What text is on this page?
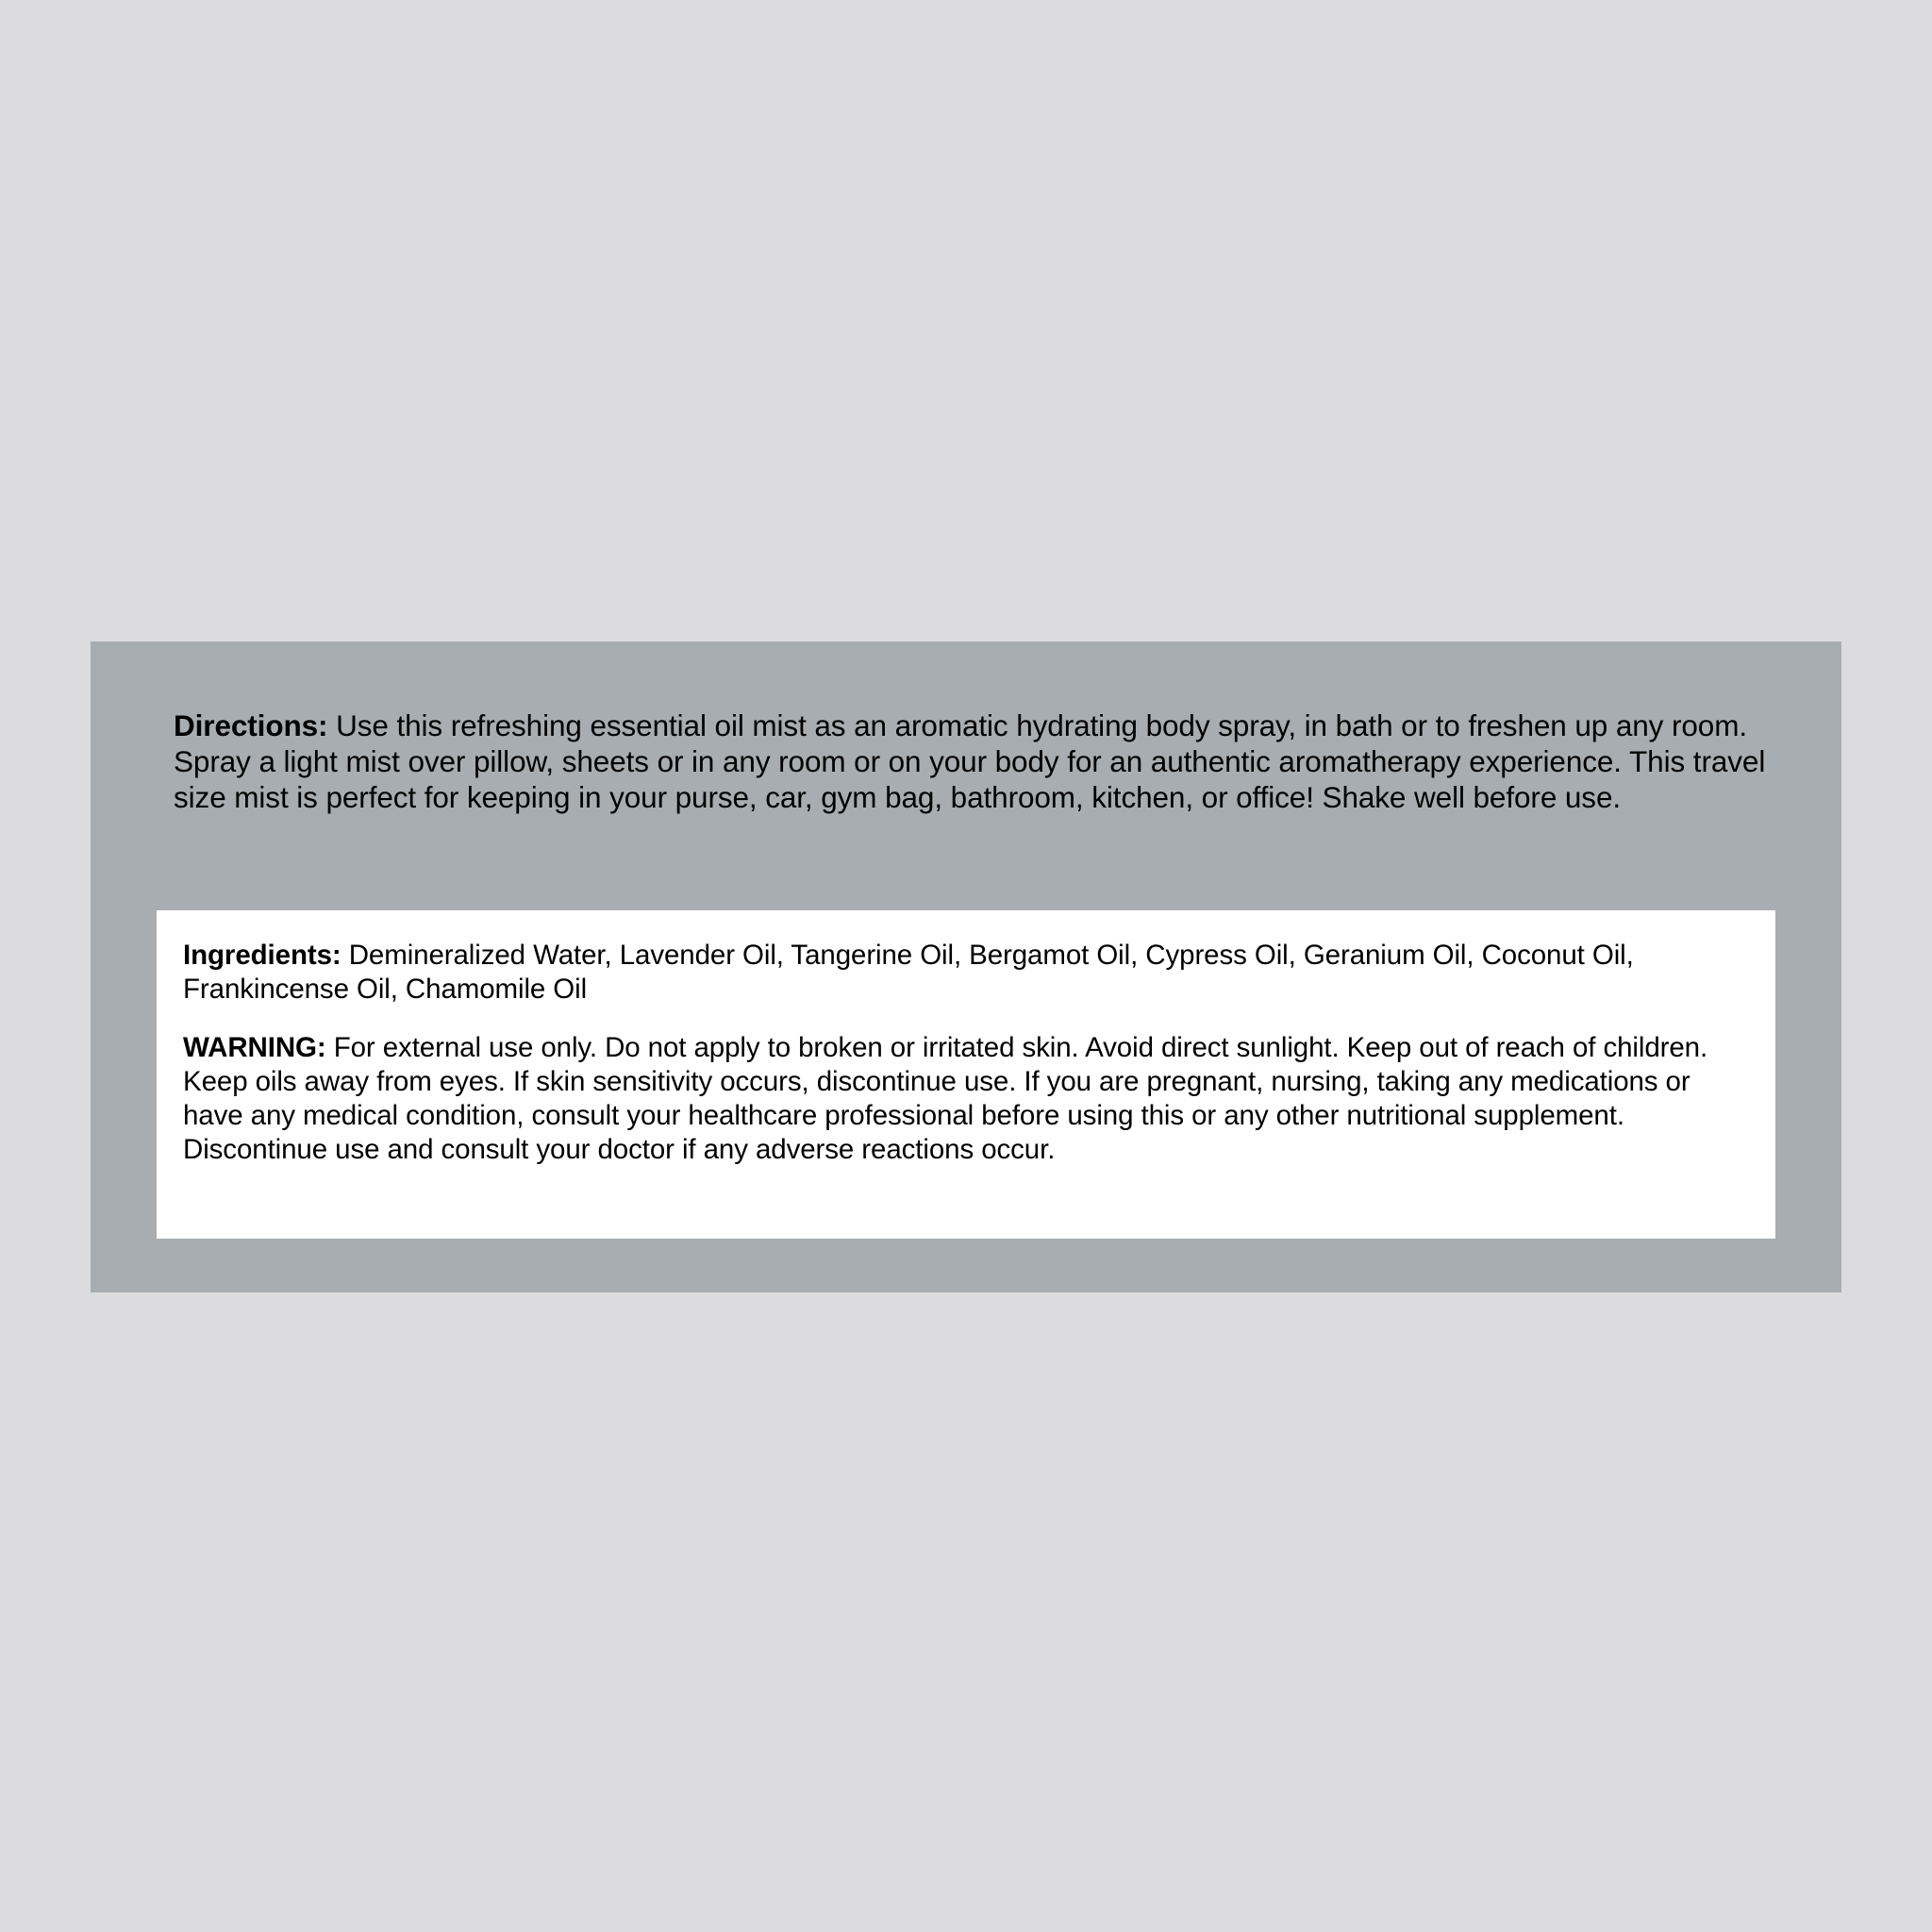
Directions: Use this refreshing essential oil mist as an aromatic hydrating body spray, in bath or to freshen up any room. Spray a light mist over pillow, sheets or in any room or on your body for an authentic aromatherapy experience. This travel size mist is perfect for keeping in your purse, car, gym bag, bathroom, kitchen, or office! Shake well before use.
Ingredients: Demineralized Water, Lavender Oil, Tangerine Oil, Bergamot Oil, Cypress Oil, Geranium Oil, Coconut Oil, Frankincense Oil, Chamomile Oil
WARNING: For external use only. Do not apply to broken or irritated skin. Avoid direct sunlight. Keep out of reach of children. Keep oils away from eyes. If skin sensitivity occurs, discontinue use. If you are pregnant, nursing, taking any medications or have any medical condition, consult your healthcare professional before using this or any other nutritional supplement. Discontinue use and consult your doctor if any adverse reactions occur.
